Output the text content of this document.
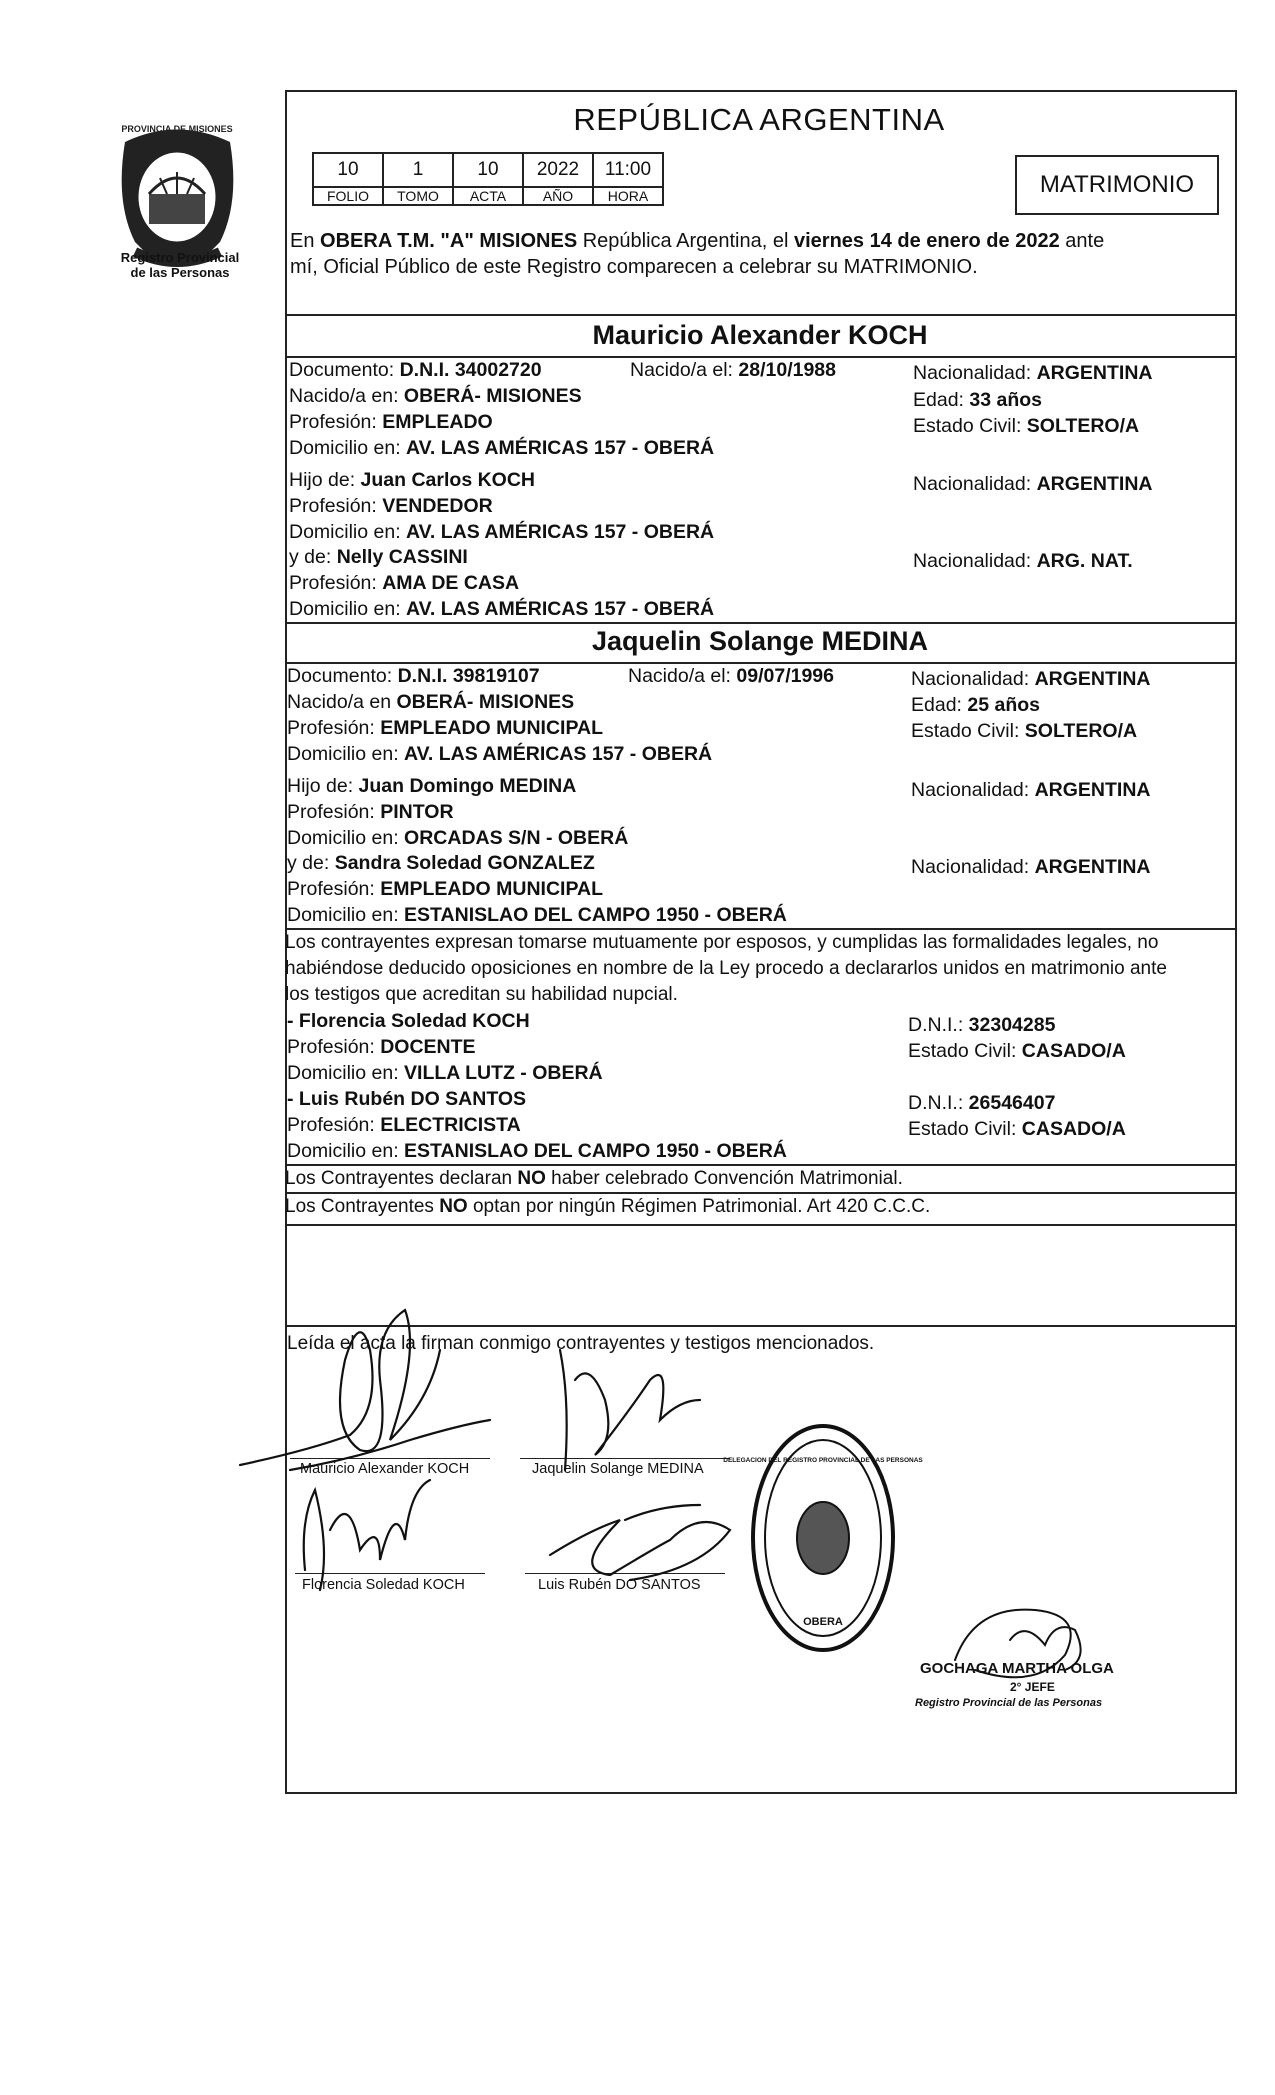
PROVINCIA DE MISIONES
Registro Provincial
de las Personas
REPÚBLICA ARGENTINA
10	1	10	2022	11:00
FOLIO	TOMO	ACTA	AÑO	HORA	MATRIMONIO
En OBERA T.M. "A" MISIONES República Argentina, el viernes 14 de enero de 2022 ante
mí, Oficial Público de este Registro comparecen a celebrar su MATRIMONIO.
Mauricio Alexander KOCH
Documento: D.N.I. 34002720	Nacido/a el: 28/10/1988	Nacionalidad: ARGENTINA
Nacido/a en: OBERÁ- MISIONES	Edad: 33 años
Profesión: EMPLEADO	Estado Civil: SOLTERO/A
Domicilio en: AV. LAS AMÉRICAS 157 - OBERÁ
Hijo de: Juan Carlos KOCH	Nacionalidad: ARGENTINA
Profesión: VENDEDOR
Domicilio en: AV. LAS AMÉRICAS 157 - OBERÁ
y de: Nelly CASSINI	Nacionalidad: ARG. NAT.
Profesión: AMA DE CASA
Domicilio en: AV. LAS AMÉRICAS 157 - OBERÁ
Jaquelin Solange MEDINA
Documento: D.N.I. 39819107	Nacido/a el: 09/07/1996	Nacionalidad: ARGENTINA
Nacido/a en OBERÁ- MISIONES	Edad: 25 años
Profesión: EMPLEADO MUNICIPAL	Estado Civil: SOLTERO/A
Domicilio en: AV. LAS AMÉRICAS 157 - OBERÁ
Hijo de: Juan Domingo MEDINA	Nacionalidad: ARGENTINA
Profesión: PINTOR
Domicilio en: ORCADAS S/N - OBERÁ
y de: Sandra Soledad GONZALEZ	Nacionalidad: ARGENTINA
Profesión: EMPLEADO MUNICIPAL
Domicilio en: ESTANISLAO DEL CAMPO 1950 - OBERÁ
Los contrayentes expresan tomarse mutuamente por esposos, y cumplidas las formalidades legales, no
habiéndose deducido oposiciones en nombre de la Ley procedo a declararlos unidos en matrimonio ante
los testigos que acreditan su habilidad nupcial.
- Florencia Soledad KOCH	D.N.I.: 32304285
Profesión: DOCENTE	Estado Civil: CASADO/A
Domicilio en: VILLA LUTZ - OBERÁ
- Luis Rubén DO SANTOS	D.N.I.: 26546407
Profesión: ELECTRICISTA	Estado Civil: CASADO/A
Domicilio en: ESTANISLAO DEL CAMPO 1950 - OBERÁ
Los Contrayentes declaran NO haber celebrado Convención Matrimonial.
Los Contrayentes NO optan por ningún Régimen Patrimonial. Art 420 C.C.C.
Leída el acta la firman conmigo contrayentes y testigos mencionados.
Mauricio Alexander KOCH	Jaquelin Solange MEDINA
Florencia Soledad KOCH	Luis Rubén DO SANTOS
DELEGACION DEL REGISTRO PROVINCIAL DE LAS PERSONAS
OBERA
GOCHAGA MARTHA OLGA
2° JEFE
Registro Provincial de las Personas
